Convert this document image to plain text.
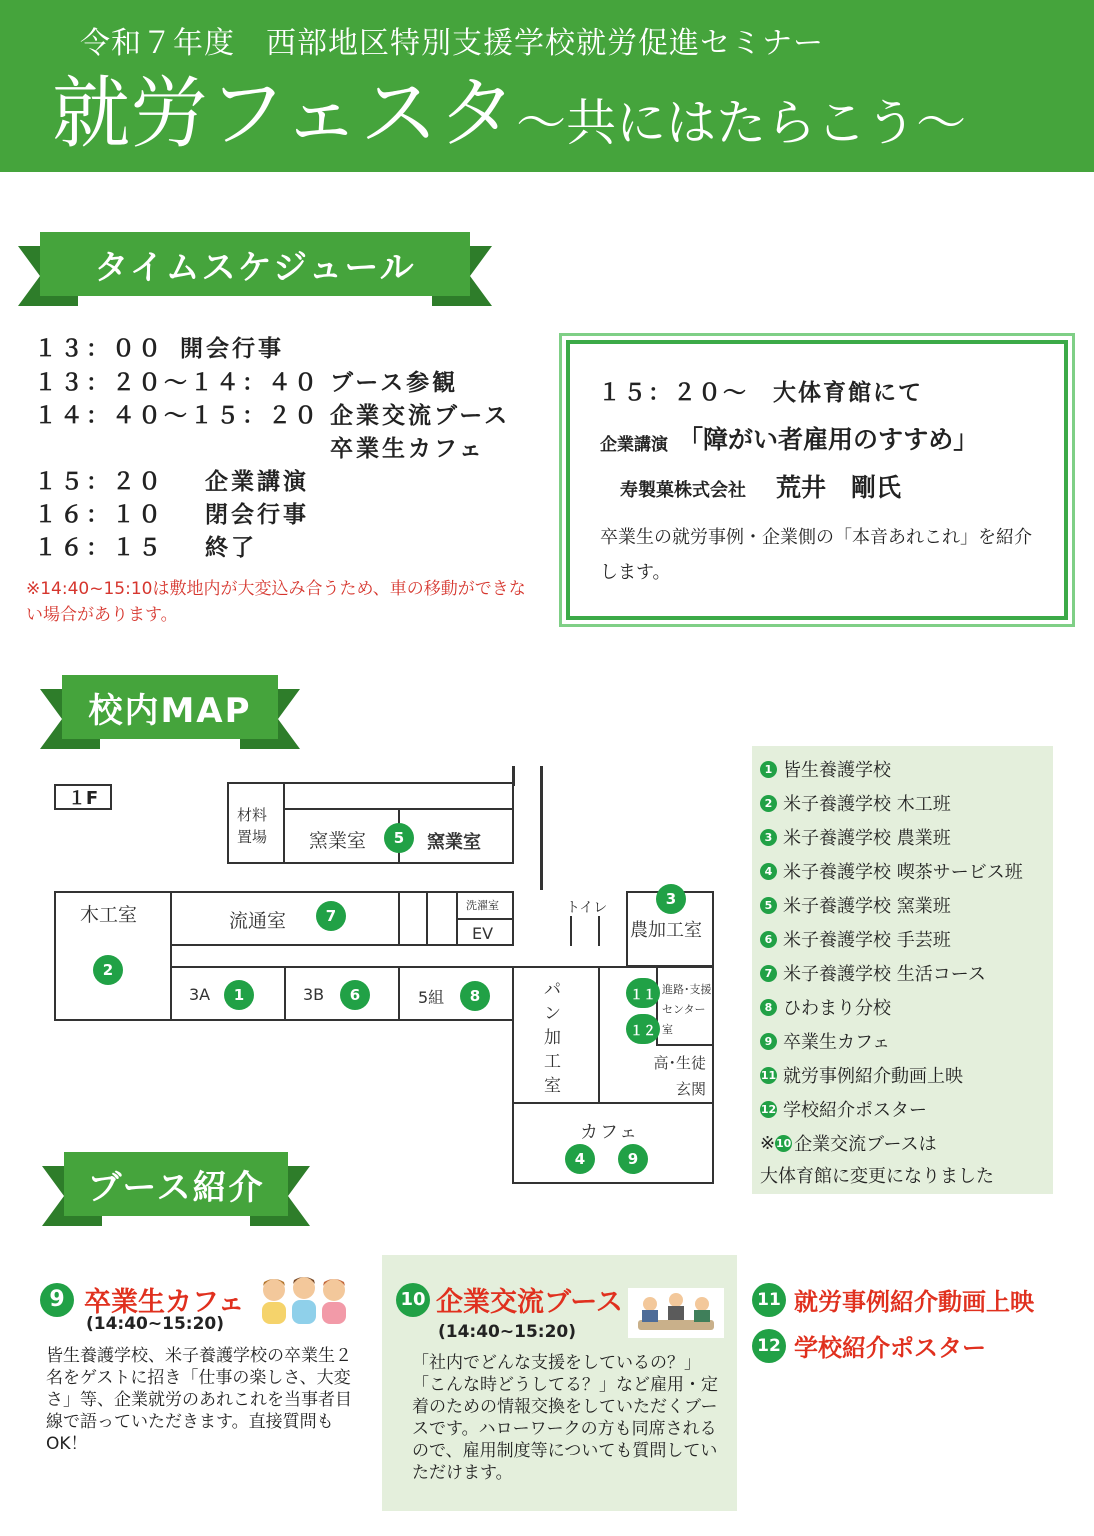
令和７年度　西部地区特別支援学校就労促進セミナー
就労フェスタ～共にはたらこう～
タイムスケジュール
１３：００ 開会行事
１３：２０～１４：４０ ブース参観
１４：４０～１５：２０ 企業交流ブース
卒業生カフェ
１５：２０ 企業講演
１６：１０ 閉会行事
１６：１５ 終了
※14:40~15:10は敷地内が大変込み合うため、車の移動ができない場合があります。
１５：２０～　大体育館にて
企業講演 「障がい者雇用のすすめ」
寿製菓株式会社 荒井　剛氏
卒業生の就労事例・企業側の「本音あれこれ」を紹介します。
校内MAP
１F
材料置場	窯業室	窯業室
5
木工室
2
流通室	7
洗濯室
EV
3A	1	3B	6	5組	8
トイレ
農加工室
3
パン加工室
進路･支援センター室
１１
１２
高･生徒玄関
カフェ
4	9
1 皆生養護学校
2 米子養護学校 木工班
3 米子養護学校 農業班
4 米子養護学校 喫茶サービス班
5 米子養護学校 窯業班
6 米子養護学校 手芸班
7 米子養護学校 生活コース
8 ひわまり分校
9 卒業生カフェ
11 就労事例紹介動画上映
12 学校紹介ポスター
※ 10 企業交流ブースは
大体育館に変更になりました
ブース紹介
9 卒業生カフェ
(14:40~15:20)
皆生養護学校、米子養護学校の卒業生２名をゲストに招き「仕事の楽しさ、大変さ」等、企業就労のあれこれを当事者目線で語っていただきます。直接質問もOK！
10 企業交流ブース
(14:40~15:20)
「社内でどんな支援をしているの？」「こんな時どうしてる？」など雇用・定着のための情報交換をしていただくブースです。ハローワークの方も同席されるので、雇用制度等についても質問していただけます。
11 就労事例紹介動画上映
12 学校紹介ポスター
